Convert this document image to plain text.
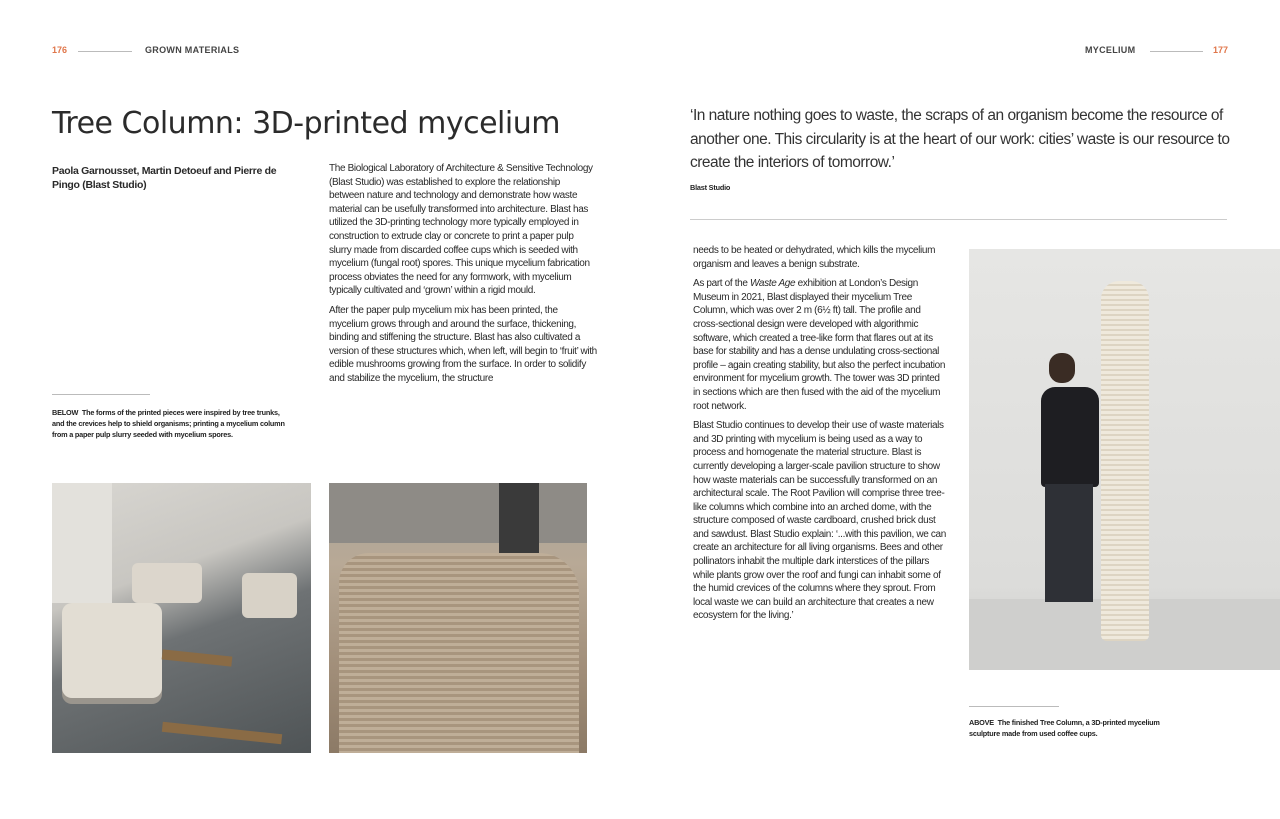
176	GROWN MATERIALS	MYCELIUM	177
Tree Column: 3D-printed mycelium
Paola Garnousset, Martin Detoeuf and Pierre de Pingo (Blast Studio)
BELOW The forms of the printed pieces were inspired by tree trunks, and the crevices help to shield organisms; printing a mycelium column from a paper pulp slurry seeded with mycelium spores.

The Biological Laboratory of Architecture & Sensitive Technology (Blast Studio) was established to explore the relationship between nature and technology and demonstrate how waste material can be usefully transformed into architecture. Blast has utilized the 3D-printing technology more typically employed in construction to extrude clay or concrete to print a paper pulp slurry made from discarded coffee cups which is seeded with mycelium (fungal root) spores. This unique mycelium fabrication process obviates the need for any formwork, with mycelium typically cultivated and ‘grown’ within a rigid mould.

After the paper pulp mycelium mix has been printed, the mycelium grows through and around the surface, thickening, binding and stiffening the structure. Blast has also cultivated a version of these structures which, when left, will begin to ‘fruit’ with edible mushrooms growing from the surface. In order to solidify and stabilize the mycelium, the structure

‘In nature nothing goes to waste, the scraps of an organism become the resource of another one. This circularity is at the heart of our work: cities’ waste is our resource to create the interiors of tomorrow.’
Blast Studio

needs to be heated or dehydrated, which kills the mycelium organism and leaves a benign substrate.

As part of the Waste Age exhibition at London’s Design Museum in 2021, Blast displayed their mycelium Tree Column, which was over 2 m (6½ ft) tall. The profile and cross-sectional design were developed with algorithmic software, which created a tree-like form that flares out at its base for stability and has a dense undulating cross-sectional profile – again creating stability, but also the perfect incubation environment for mycelium growth. The tower was 3D printed in sections which are then fused with the aid of the mycelium root network.

Blast Studio continues to develop their use of waste materials and 3D printing with mycelium is being used as a way to process and homogenate the material structure. Blast is currently developing a larger-scale pavilion structure to show how waste materials can be successfully transformed on an architectural scale. The Root Pavilion will comprise three tree-like columns which combine into an arched dome, with the structure composed of waste cardboard, crushed brick dust and sawdust. Blast Studio explain: ‘...with this pavilion, we can create an architecture for all living organisms. Bees and other pollinators inhabit the multiple dark interstices of the pillars while plants grow over the roof and fungi can inhabit some of the humid crevices of the columns where they sprout. From local waste we can build an architecture that creates a new ecosystem for the living.’

ABOVE The finished Tree Column, a 3D-printed mycelium sculpture made from used coffee cups.
